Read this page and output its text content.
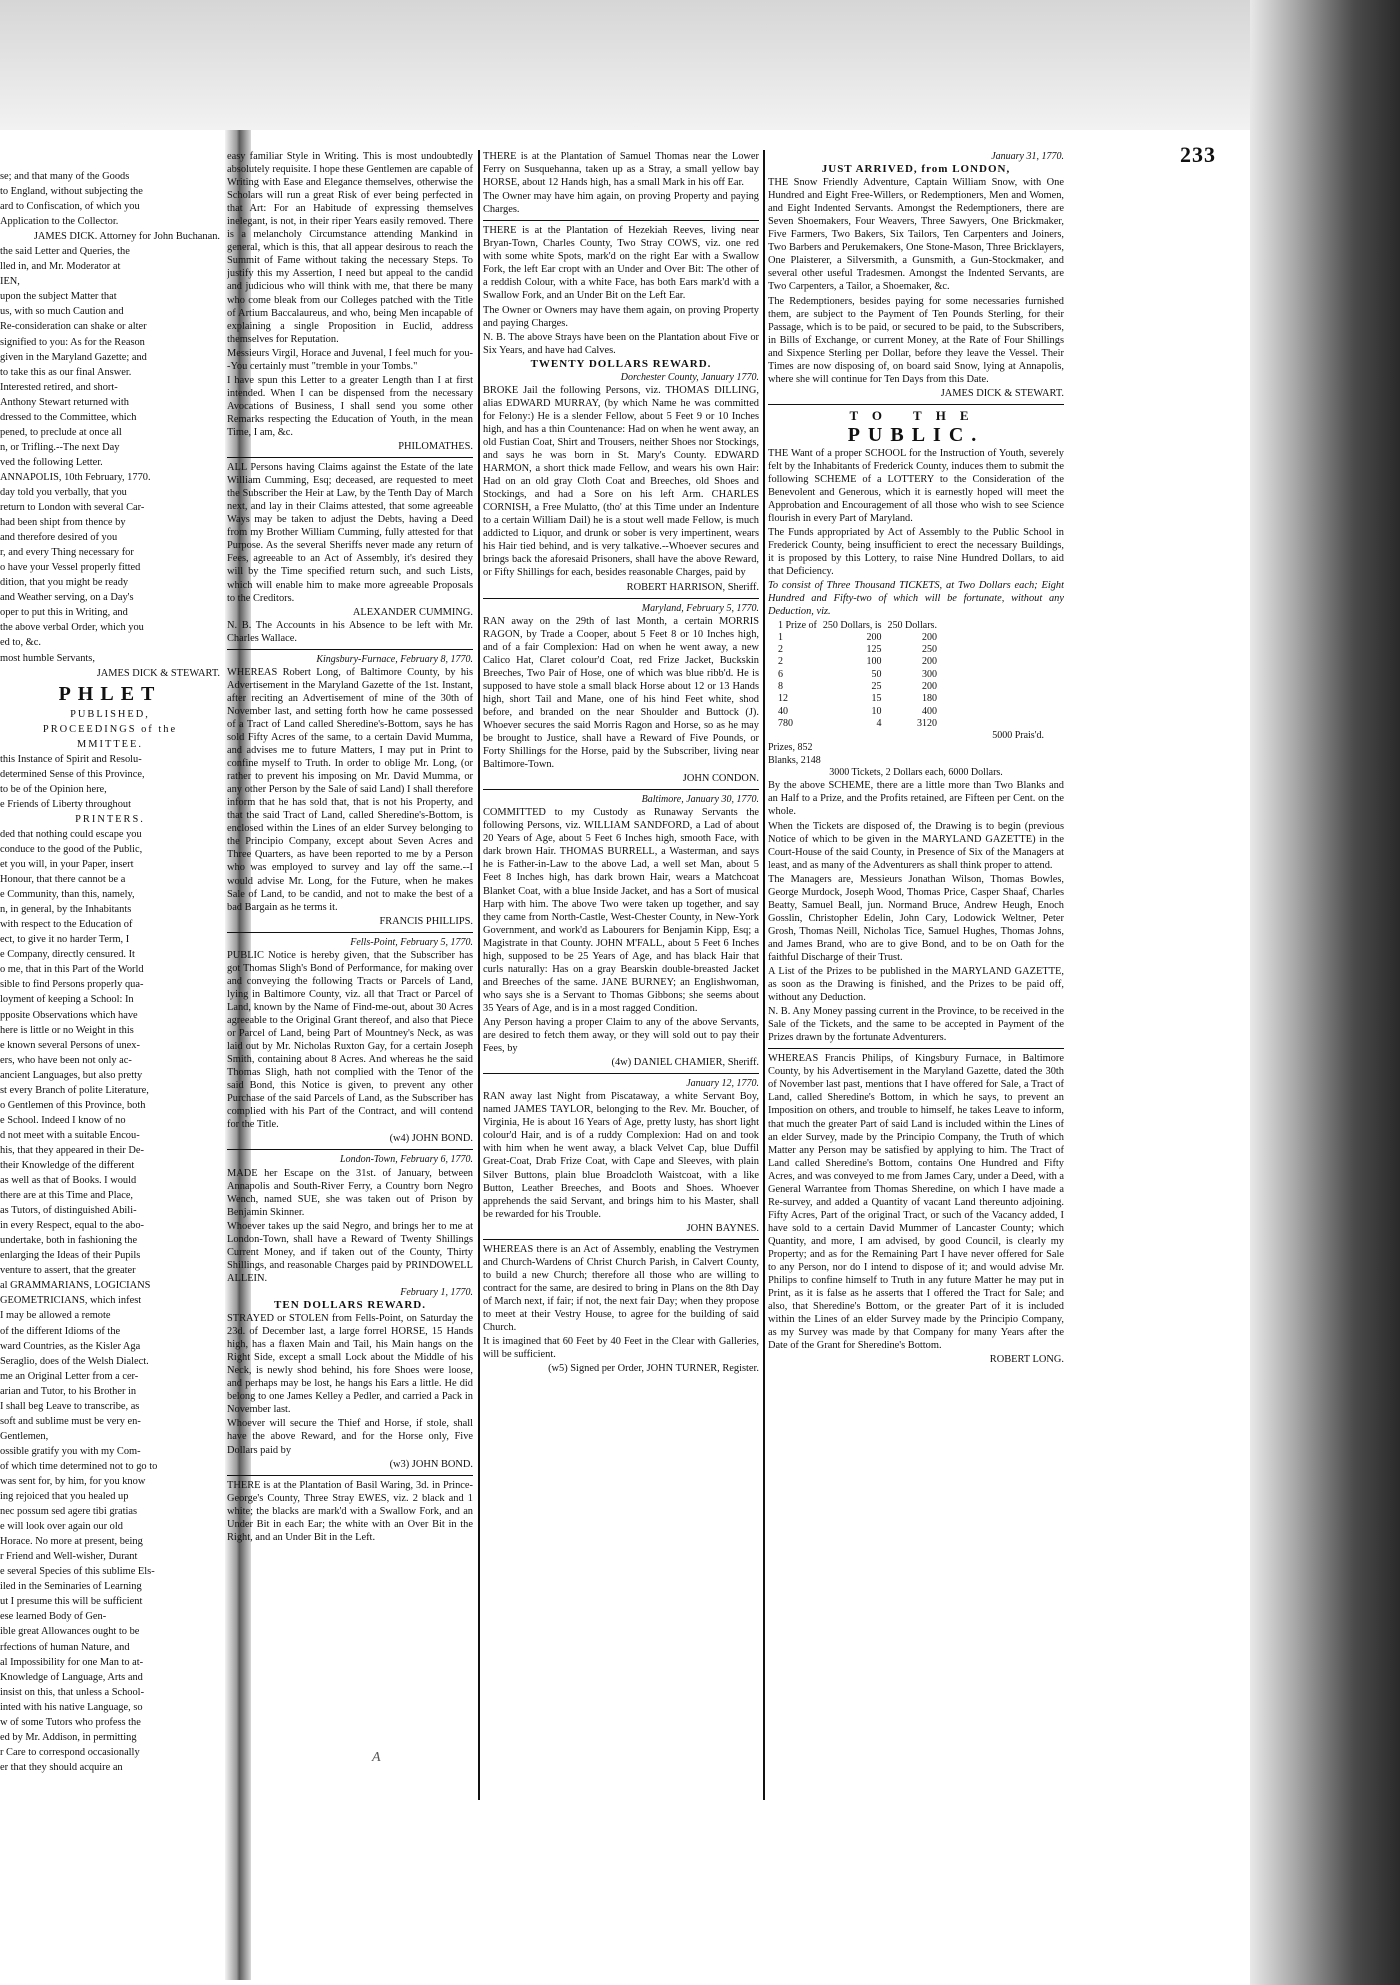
se; and that many of the Goods

to England, without subjecting the

ard to Confiscation, of which you

Application to the Collector.

JAMES DICK. Attorney for John Buchanan.

the said Letter and Queries, the

lled in, and Mr. Moderator at

IEN,

upon the subject Matter that

us, with so much Caution and

Re-consideration can shake or alter

signified to you: As for the Reason

given in the Maryland Gazette; and

to take this as our final Answer.

Interested retired, and short-

Anthony Stewart returned with

dressed to the Committee, which

pened, to preclude at once all

n, or Trifling.--The next Day

ved the following Letter.

ANNAPOLIS, 10th February, 1770.

day told you verbally, that you

return to London with several Car-

had been shipt from thence by

and therefore desired of you

r, and every Thing necessary for

o have your Vessel properly fitted

dition, that you might be ready

and Weather serving, on a Day's

oper to put this in Writing, and

the above verbal Order, which you

ed to, &c.

most humble Servants,

JAMES DICK & STEWART.

PHLET

PUBLISHED,

PROCEEDINGS of the

MMITTEE.

this Instance of Spirit and Resolu-

determined Sense of this Province,

to be of the Opinion here,

e Friends of Liberty throughout

PRINTERS.

ded that nothing could escape you

conduce to the good of the Public,

et you will, in your Paper, insert

Honour, that there cannot be a

e Community, than this, namely,

n, in general, by the Inhabitants

with respect to the Education of

ect, to give it no harder Term, I

e Company, directly censured. It

o me, that in this Part of the World

sible to find Persons properly qua-

loyment of keeping a School: In

pposite Observations which have

here is little or no Weight in this

e known several Persons of unex-

ers, who have been not only ac-

ancient Languages, but also pretty

st every Branch of polite Literature,

o Gentlemen of this Province, both

e School. Indeed I know of no

d not meet with a suitable Encou-

his, that they appeared in their De-

their Knowledge of the different

as well as that of Books. I would

there are at this Time and Place,

as Tutors, of distinguished Abili-

in every Respect, equal to the abo-

undertake, both in fashioning the

enlarging the Ideas of their Pupils

venture to assert, that the greater

al GRAMMARIANS, LOGICIANS

GEOMETRICIANS, which infest

I may be allowed a remote

of the different Idioms of the

ward Countries, as the Kisler Aga

Seraglio, does of the Welsh Dialect.

me an Original Letter from a cer-

arian and Tutor, to his Brother in

I shall beg Leave to transcribe, as

soft and sublime must be very en-

Gentlemen,

ossible gratify you with my Com-

of which time determined not to go to

was sent for, by him, for you know

ing rejoiced that you healed up

nec possum sed agere tibi gratias

e will look over again our old

Horace. No more at present, being

r Friend and Well-wisher, Durant

e several Species of this sublime Els-

iled in the Seminaries of Learning

ut I presume this will be sufficient

ese learned Body of Gen-

ible great Allowances ought to be

rfections of human Nature, and

al Impossibility for one Man to at-

Knowledge of Language, Arts and

insist on this, that unless a School-

inted with his native Language, so

w of some Tutors who profess the

ed by Mr. Addison, in permitting

r Care to correspond occasionally

er that they should acquire an

easy familiar Style in Writing. This is most undoubtedly absolutely requisite. I hope these Gentlemen are capable of Writing with Ease and Elegance themselves, otherwise the Scholars will run a great Risk of ever being perfected in that Art: For an Habitude of expressing themselves inelegant, is not, in their riper Years easily removed. There is a melancholy Circumstance attending Mankind in general, which is this, that all appear desirous to reach the Summit of Fame without taking the necessary Steps. To justify this my Assertion, I need but appeal to the candid and judicious who will think with me, that there be many who come bleak from our Colleges patched with the Title of Artium Baccalaureus, and who, being Men incapable of explaining a single Proposition in Euclid, address themselves for Reputation.

Messieurs Virgil, Horace and Juvenal, I feel much for you--You certainly must "tremble in your Tombs."

I have spun this Letter to a greater Length than I at first intended. When I can be dispensed from the necessary Avocations of Business, I shall send you some other Remarks respecting the Education of Youth, in the mean Time, I am, &c.

PHILOMATHES.

ALL Persons having Claims against the Estate of the late William Cumming, Esq; deceased, are requested to meet the Subscriber the Heir at Law, by the Tenth Day of March next, and lay in their Claims attested, that some agreeable Ways may be taken to adjust the Debts, having a Deed from my Brother William Cumming, fully attested for that Purpose. As the several Sheriffs never made any return of Fees, agreeable to an Act of Assembly, it's desired they will by the Time specified return such, and such Lists, which will enable him to make more agreeable Proposals to the Creditors.

ALEXANDER CUMMING.

N. B. The Accounts in his Absence to be left with Mr. Charles Wallace.

Kingsbury-Furnace, February 8, 1770.

WHEREAS Robert Long, of Baltimore County, by his Advertisement in the Maryland Gazette of the 1st. Instant, after reciting an Advertisement of mine of the 30th of November last, and setting forth how he came possessed of a Tract of Land called Sheredine's-Bottom, says he has sold Fifty Acres of the same, to a certain David Mumma, and advises me to future Matters, I may put in Print to confine myself to Truth. In order to oblige Mr. Long, (or rather to prevent his imposing on Mr. David Mumma, or any other Person by the Sale of said Land) I shall therefore inform that he has sold that, that is not his Property, and that the said Tract of Land, called Sheredine's-Bottom, is enclosed within the Lines of an elder Survey belonging to the Principio Company, except about Seven Acres and Three Quarters, as have been reported to me by a Person who was employed to survey and lay off the same.--I would advise Mr. Long, for the Future, when he makes Sale of Land, to be candid, and not to make the best of a bad Bargain as he terms it.

FRANCIS PHILLIPS.
Fells-Point, February 5, 1770.

PUBLIC Notice is hereby given, that the Subscriber has got Thomas Sligh's Bond of Performance, for making over and conveying the following Tracts or Parcels of Land, lying in Baltimore County, viz. all that Tract or Parcel of Land, known by the Name of Find-me-out, about 30 Acres agreeable to the Original Grant thereof, and also that Piece or Parcel of Land, being Part of Mountney's Neck, as was laid out by Mr. Nicholas Ruxton Gay, for a certain Joseph Smith, containing about 8 Acres. And whereas he the said Thomas Sligh, hath not complied with the Tenor of the said Bond, this Notice is given, to prevent any other Purchase of the said Parcels of Land, as the Subscriber has complied with his Part of the Contract, and will contend for the Title.

(w4) JOHN BOND.
London-Town, February 6, 1770.

MADE her Escape on the 31st. of January, between Annapolis and South-River Ferry, a Country born Negro Wench, named SUE, she was taken out of Prison by Benjamin Skinner.

Whoever takes up the said Negro, and brings her to me at London-Town, shall have a Reward of Twenty Shillings Current Money, and if taken out of the County, Thirty Shillings, and reasonable Charges paid by PRINDOWELL ALLEIN.

February 1, 1770.
TEN DOLLARS REWARD.

STRAYED or STOLEN from Fells-Point, on Saturday the 23d. of December last, a large forrel HORSE, 15 Hands high, has a flaxen Main and Tail, his Main hangs on the Right Side, except a small Lock about the Middle of his Neck, is newly shod behind, his fore Shoes were loose, and perhaps may be lost, he hangs his Ears a little. He did belong to one James Kelley a Pedler, and carried a Pack in November last.

Whoever will secure the Thief and Horse, if stole, shall have the above Reward, and for the Horse only, Five Dollars paid by

(w3) JOHN BOND.

THERE is at the Plantation of Basil Waring, 3d. in Prince-George's County, Three Stray EWES, viz. 2 black and 1 white; the blacks are mark'd with a Swallow Fork, and an Under Bit in each Ear; the white with an Over Bit in the Right, and an Under Bit in the Left.

THERE is at the Plantation of Samuel Thomas near the Lower Ferry on Susquehanna, taken up as a Stray, a small yellow bay HORSE, about 12 Hands high, has a small Mark in his off Ear.

The Owner may have him again, on proving Property and paying Charges.

THERE is at the Plantation of Hezekiah Reeves, living near Bryan-Town, Charles County, Two Stray COWS, viz. one red with some white Spots, mark'd on the right Ear with a Swallow Fork, the left Ear cropt with an Under and Over Bit: The other of a reddish Colour, with a white Face, has both Ears mark'd with a Swallow Fork, and an Under Bit on the Left Ear.

The Owner or Owners may have them again, on proving Property and paying Charges.

N. B. The above Strays have been on the Plantation about Five or Six Years, and have had Calves.

TWENTY DOLLARS REWARD.
Dorchester County, January 1770.

BROKE Jail the following Persons, viz. THOMAS DILLING, alias EDWARD MURRAY, (by which Name he was committed for Felony:) He is a slender Fellow, about 5 Feet 9 or 10 Inches high, and has a thin Countenance: Had on when he went away, an old Fustian Coat, Shirt and Trousers, neither Shoes nor Stockings, and says he was born in St. Mary's County. EDWARD HARMON, a short thick made Fellow, and wears his own Hair: Had on an old gray Cloth Coat and Breeches, old Shoes and Stockings, and had a Sore on his left Arm. CHARLES CORNISH, a Free Mulatto, (tho' at this Time under an Indenture to a certain William Dail) he is a stout well made Fellow, is much addicted to Liquor, and drunk or sober is very impertinent, wears his Hair tied behind, and is very talkative.--Whoever secures and brings back the aforesaid Prisoners, shall have the above Reward, or Fifty Shillings for each, besides reasonable Charges, paid by

ROBERT HARRISON, Sheriff.
Maryland, February 5, 1770.

RAN away on the 29th of last Month, a certain MORRIS RAGON, by Trade a Cooper, about 5 Feet 8 or 10 Inches high, and of a fair Complexion: Had on when he went away, a new Calico Hat, Claret colour'd Coat, red Frize Jacket, Buckskin Breeches, Two Pair of Hose, one of which was blue ribb'd. He is supposed to have stole a small black Horse about 12 or 13 Hands high, short Tail and Mane, one of his hind Feet white, shod before, and branded on the near Shoulder and Buttock (J). Whoever secures the said Morris Ragon and Horse, so as he may be brought to Justice, shall have a Reward of Five Pounds, or Forty Shillings for the Horse, paid by the Subscriber, living near Baltimore-Town.

JOHN CONDON.
Baltimore, January 30, 1770.

COMMITTED to my Custody as Runaway Servants the following Persons, viz. WILLIAM SANDFORD, a Lad of about 20 Years of Age, about 5 Feet 6 Inches high, smooth Face, with dark brown Hair. THOMAS BURRELL, a Wasterman, and says he is Father-in-Law to the above Lad, a well set Man, about 5 Feet 8 Inches high, has dark brown Hair, wears a Matchcoat Blanket Coat, with a blue Inside Jacket, and has a Sort of musical Harp with him. The above Two were taken up together, and say they came from North-Castle, West-Chester County, in New-York Government, and work'd as Labourers for Benjamin Kipp, Esq; a Magistrate in that County. JOHN M'FALL, about 5 Feet 6 Inches high, supposed to be 25 Years of Age, and has black Hair that curls naturally: Has on a gray Bearskin double-breasted Jacket and Breeches of the same. JANE BURNEY; an Englishwoman, who says she is a Servant to Thomas Gibbons; she seems about 35 Years of Age, and is in a most ragged Condition.

Any Person having a proper Claim to any of the above Servants, are desired to fetch them away, or they will sold out to pay their Fees, by

(4w) DANIEL CHAMIER, Sheriff.
January 12, 1770.

RAN away last Night from Piscataway, a white Servant Boy, named JAMES TAYLOR, belonging to the Rev. Mr. Boucher, of Virginia, He is about 16 Years of Age, pretty lusty, has short light colour'd Hair, and is of a ruddy Complexion: Had on and took with him when he went away, a black Velvet Cap, blue Duffil Great-Coat, Drab Frize Coat, with Cape and Sleeves, with plain Silver Buttons, plain blue Broadcloth Waistcoat, with a like Button, Leather Breeches, and Boots and Shoes. Whoever apprehends the said Servant, and brings him to his Master, shall be rewarded for his Trouble.

JOHN BAYNES.

WHEREAS there is an Act of Assembly, enabling the Vestrymen and Church-Wardens of Christ Church Parish, in Calvert County, to build a new Church; therefore all those who are willing to contract for the same, are desired to bring in Plans on the 8th Day of March next, if fair; if not, the next fair Day; when they propose to meet at their Vestry House, to agree for the building of said Church.

It is imagined that 60 Feet by 40 Feet in the Clear with Galleries, will be sufficient.

(w5) Signed per Order, JOHN TURNER, Register.
January 31, 1770.
JUST ARRIVED, from LONDON,

THE Snow Friendly Adventure, Captain William Snow, with One Hundred and Eight Free-Willers, or Redemptioners, Men and Women, and Eight Indented Servants. Amongst the Redemptioners, there are Seven Shoemakers, Four Weavers, Three Sawyers, One Brickmaker, Five Farmers, Two Bakers, Six Tailors, Ten Carpenters and Joiners, Two Barbers and Perukemakers, One Stone-Mason, Three Bricklayers, One Plaisterer, a Silversmith, a Gunsmith, a Gun-Stockmaker, and several other useful Tradesmen. Amongst the Indented Servants, are Two Carpenters, a Tailor, a Shoemaker, &c.

The Redemptioners, besides paying for some necessaries furnished them, are subject to the Payment of Ten Pounds Sterling, for their Passage, which is to be paid, or secured to be paid, to the Subscribers, in Bills of Exchange, or current Money, at the Rate of Four Shillings and Sixpence Sterling per Dollar, before they leave the Vessel. Their Times are now disposing of, on board said Snow, lying at Annapolis, where she will continue for Ten Days from this Date.

JAMES DICK & STEWART.
TO THE
PUBLIC.

THE Want of a proper SCHOOL for the Instruction of Youth, severely felt by the Inhabitants of Frederick County, induces them to submit the following SCHEME of a LOTTERY to the Consideration of the Benevolent and Generous, which it is earnestly hoped will meet the Approbation and Encouragement of all those who wish to see Science flourish in every Part of Maryland.

The Funds appropriated by Act of Assembly to the Public School in Frederick County, being insufficient to erect the necessary Buildings, it is proposed by this Lottery, to raise Nine Hundred Dollars, to aid that Deficiency.

To consist of Three Thousand TICKETS, at Two Dollars each; Eight Hundred and Fifty-two of which will be fortunate, without any Deduction, viz.

1 Prize of	250 Dollars, is	250 Dollars.
1	200	200
2	125	250
2	100	200
6	50	300
8	25	200
12	15	180
40	10	400
780	4	3120
5000 Prais'd.
Prizes, 852
Blanks, 2148
3000 Tickets, 2 Dollars each, 6000 Dollars.

By the above SCHEME, there are a little more than Two Blanks and an Half to a Prize, and the Profits retained, are Fifteen per Cent. on the whole.

When the Tickets are disposed of, the Drawing is to begin (previous Notice of which to be given in the MARYLAND GAZETTE) in the Court-House of the said County, in Presence of Six of the Managers at least, and as many of the Adventurers as shall think proper to attend.

The Managers are, Messieurs Jonathan Wilson, Thomas Bowles, George Murdock, Joseph Wood, Thomas Price, Casper Shaaf, Charles Beatty, Samuel Beall, jun. Normand Bruce, Andrew Heugh, Enoch Gosslin, Christopher Edelin, John Cary, Lodowick Weltner, Peter Grosh, Thomas Neill, Nicholas Tice, Samuel Hughes, Thomas Johns, and James Brand, who are to give Bond, and to be on Oath for the faithful Discharge of their Trust.

A List of the Prizes to be published in the MARYLAND GAZETTE, as soon as the Drawing is finished, and the Prizes to be paid off, without any Deduction.

N. B. Any Money passing current in the Province, to be received in the Sale of the Tickets, and the same to be accepted in Payment of the Prizes drawn by the fortunate Adventurers.

WHEREAS Francis Philips, of Kingsbury Furnace, in Baltimore County, by his Advertisement in the Maryland Gazette, dated the 30th of November last past, mentions that I have offered for Sale, a Tract of Land, called Sheredine's Bottom, in which he says, to prevent an Imposition on others, and trouble to himself, he takes Leave to inform, that much the greater Part of said Land is included within the Lines of an elder Survey, made by the Principio Company, the Truth of which Matter any Person may be satisfied by applying to him. The Tract of Land called Sheredine's Bottom, contains One Hundred and Fifty Acres, and was conveyed to me from James Cary, under a Deed, with a General Warrantee from Thomas Sheredine, on which I have made a Re-survey, and added a Quantity of vacant Land thereunto adjoining. Fifty Acres, Part of the original Tract, or such of the Vacancy added, I have sold to a certain David Mummer of Lancaster County; which Quantity, and more, I am advised, by good Council, is clearly my Property; and as for the Remaining Part I have never offered for Sale to any Person, nor do I intend to dispose of it; and would advise Mr. Philips to confine himself to Truth in any future Matter he may put in Print, as it is false as he asserts that I offered the Tract for Sale; and also, that Sheredine's Bottom, or the greater Part of it is included within the Lines of an elder Survey made by the Principio Company, as my Survey was made by that Company for many Years after the Date of the Grant for Sheredine's Bottom.

ROBERT LONG.
233
A
